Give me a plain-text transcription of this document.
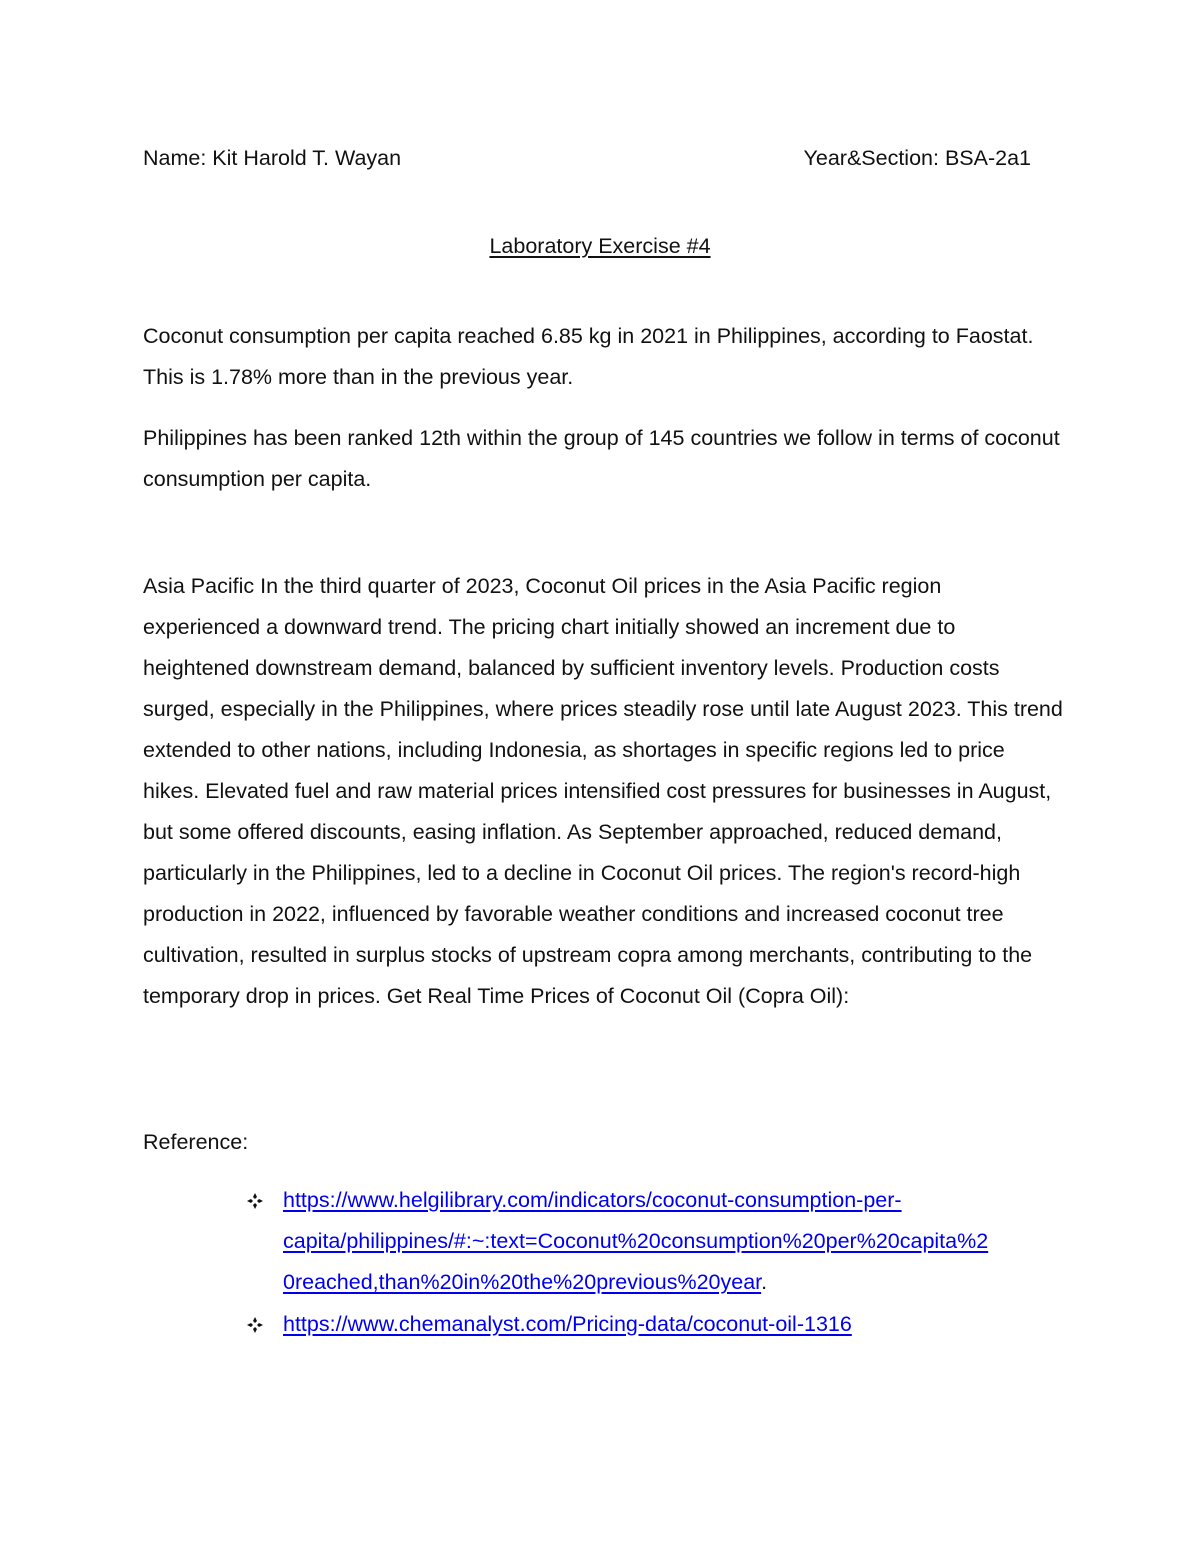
Name: Kit Harold T. Wayan	Year&Section: BSA-2a1
Laboratory Exercise #4

Coconut consumption per capita reached 6.85 kg in 2021 in Philippines, according to Faostat. This is 1.78% more than in the previous year.

Philippines has been ranked 12th within the group of 145 countries we follow in terms of coconut consumption per capita.

Asia Pacific In the third quarter of 2023, Coconut Oil prices in the Asia Pacific region experienced a downward trend. The pricing chart initially showed an increment due to heightened downstream demand, balanced by sufficient inventory levels. Production costs surged, especially in the Philippines, where prices steadily rose until late August 2023. This trend extended to other nations, including Indonesia, as shortages in specific regions led to price hikes. Elevated fuel and raw material prices intensified cost pressures for businesses in August, but some offered discounts, easing inflation. As September approached, reduced demand, particularly in the Philippines, led to a decline in Coconut Oil prices. The region's record-high production in 2022, influenced by favorable weather conditions and increased coconut tree cultivation, resulted in surplus stocks of upstream copra among merchants, contributing to the temporary drop in prices. Get Real Time Prices of Coconut Oil (Copra Oil):

Reference:
https://www.helgilibrary.com/indicators/coconut-consumption-per-
capita/philippines/#:~:text=Coconut%20consumption%20per%20capita%2
0reached,than%20in%20the%20previous%20year.
https://www.chemanalyst.com/Pricing-data/coconut-oil-1316
